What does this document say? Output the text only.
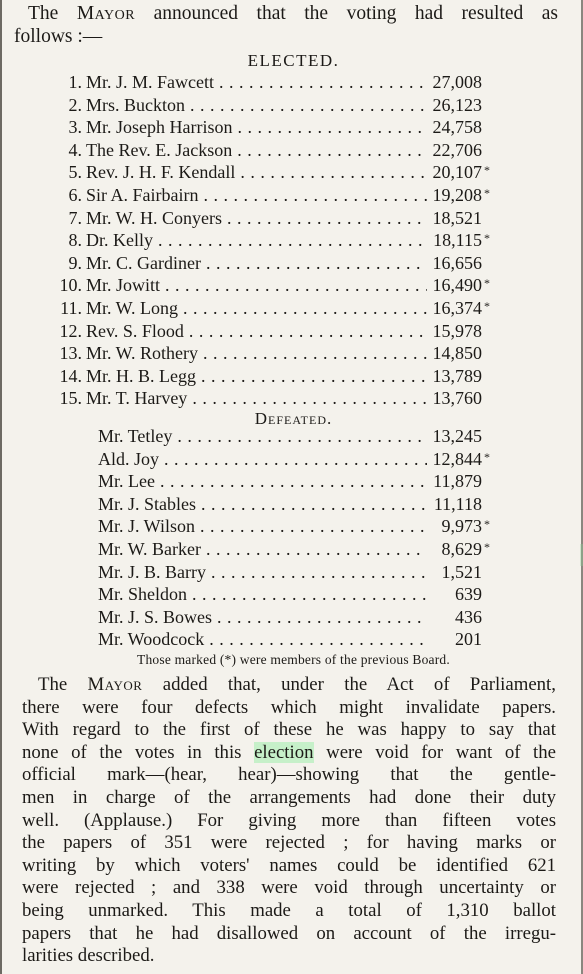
The Mayor announced that the voting had resulted as
follows :—
ELECTED.
1. Mr. J. M. Fawcett . . .	27,008
2. Mrs. Buckton . . .	26,123
3. Mr. Joseph Harrison . . .	24,758
4. The Rev. E. Jackson . . .	22,706
5. Rev. J. H. F. Kendall . . .	20,107 *
6. Sir A. Fairbairn . . .	19,208 *
7. Mr. W. H. Conyers . . .	18,521
8. Dr. Kelly . . .	18,115 *
9. Mr. C. Gardiner . . .	16,656
10. Mr. Jowitt . . .	16,490 *
11. Mr. W. Long . . .	16,374 *
12. Rev. S. Flood . . .	15,978
13. Mr. W. Rothery . . .	14,850
14. Mr. H. B. Legg . . .	13,789
15. Mr. T. Harvey . . .	13,760
Defeated.
Mr. Tetley . . .	13,245
Ald. Joy . . .	12,844 *
Mr. Lee . . .	11,879
Mr. J. Stables . . .	11,118
Mr. J. Wilson . . .	9,973 *
Mr. W. Barker . . .	8,629 *
Mr. J. B. Barry . . .	1,521
Mr. Sheldon . . .	639
Mr. J. S. Bowes . . .	436
Mr. Woodcock . . .	201
Those marked (*) were members of the previous Board.
The Mayor added that, under the Act of Parliament,
there were four defects which might invalidate papers.
With regard to the first of these he was happy to say that
none of the votes in this election were void for want of the
official mark—(hear, hear)—showing that the gentle-
men in charge of the arrangements had done their duty
well. (Applause.) For giving more than fifteen votes
the papers of 351 were rejected ; for having marks or
writing by which voters' names could be identified 621
were rejected ; and 338 were void through uncertainty or
being unmarked. This made a total of 1,310 ballot
papers that he had disallowed on account of the irregu-
larities described.
